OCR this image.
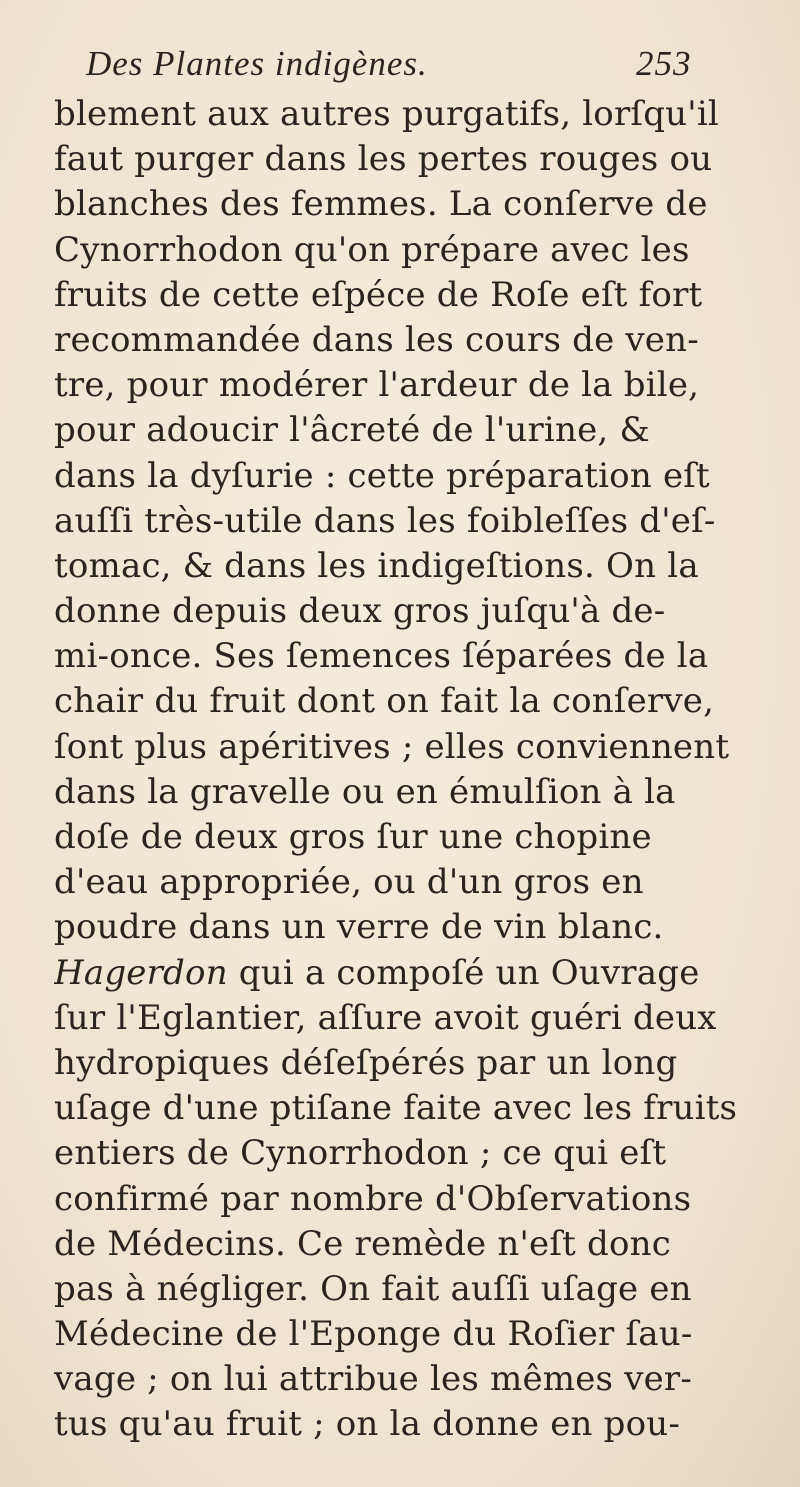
Des Plantes indigènes.	253
blement aux autres purgatifs, lorſqu'il
faut purger dans les pertes rouges ou
blanches des femmes. La conſerve de
Cynorrhodon qu'on prépare avec les
fruits de cette eſpéce de Roſe eſt fort
recommandée dans les cours de ven-
tre, pour modérer l'ardeur de la bile,
pour adoucir l'âcreté de l'urine, &
dans la dyſurie : cette préparation eſt
auſſi très-utile dans les foibleſſes d'eſ-
tomac, & dans les indigeſtions. On la
donne depuis deux gros juſqu'à de-
mi-once. Ses ſemences ſéparées de la
chair du fruit dont on fait la conſerve,
ſont plus apéritives ; elles conviennent
dans la gravelle ou en émulſion à la
doſe de deux gros ſur une chopine
d'eau appropriée, ou d'un gros en
poudre dans un verre de vin blanc.
Hagerdon qui a compoſé un Ouvrage
ſur l'Eglantier, aſſure avoit guéri deux
hydropiques déſeſpérés par un long
uſage d'une ptiſane faite avec les fruits
entiers de Cynorrhodon ; ce qui eſt
confirmé par nombre d'Obſervations
de Médecins. Ce remède n'eſt donc
pas à négliger. On fait auſſi uſage en
Médecine de l'Eponge du Roſier ſau-
vage ; on lui attribue les mêmes ver-
tus qu'au fruit ; on la donne en pou-
